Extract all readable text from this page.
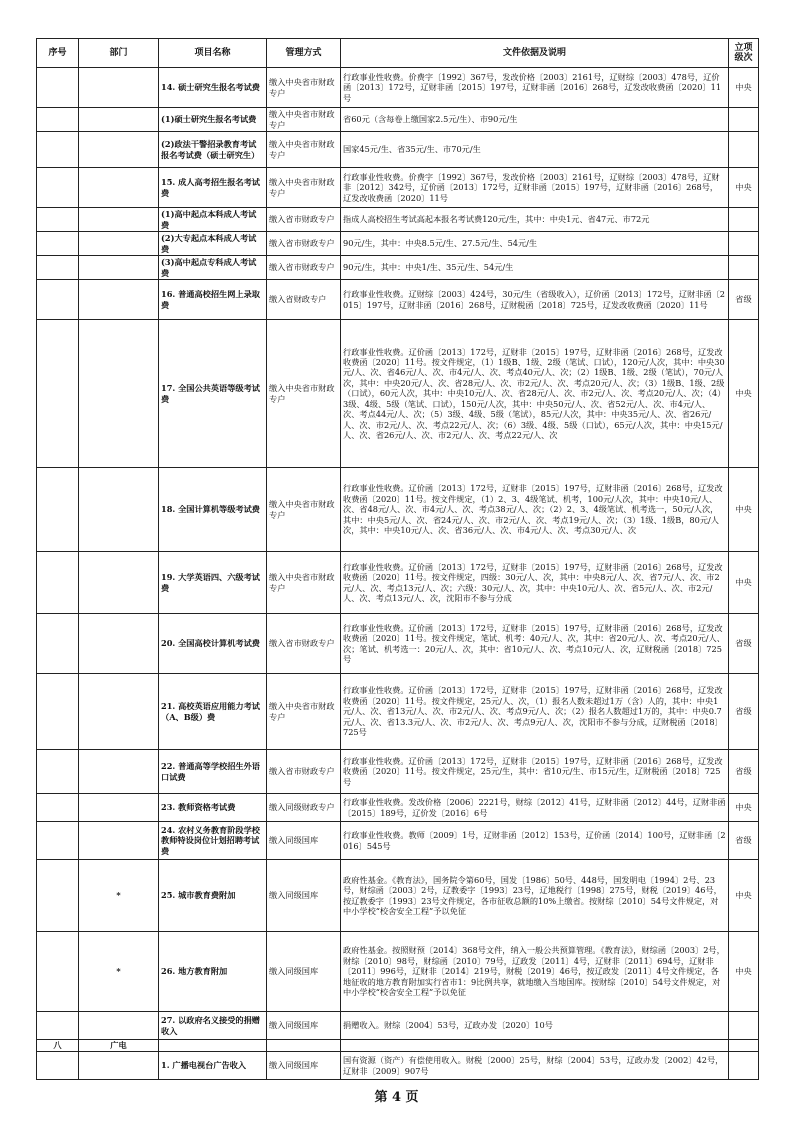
序号	部门	项目名称	管理方式	文件依据及说明	立项级次
		14. 硕士研究生报名考试费	缴入中央省市财政专户	行政事业性收费。价费字〔1992〕367号，发改价格〔2003〕2161号，辽财综〔2003〕478号，辽价函〔2013〕172号，辽财非函〔2015〕197号，辽财非函〔2016〕268号，辽发改收费函〔2020〕11号	中央
		(1)硕士研究生报名考试费	缴入中央省市财政专户	省60元（含每卷上缴国家2.5元/生）、市90元/生	
		(2)政法干警招录教育考试报名考试费（硕士研究生）	缴入中央省市财政专户	国家45元/生、省35元/生、市70元/生	
		15. 成人高考招生报名考试费	缴入中央省市财政专户	行政事业性收费。价费字〔1992〕367号，发改价格〔2003〕2161号，辽财综〔2003〕478号，辽财非〔2012〕342号，辽价函〔2013〕172号，辽财非函〔2015〕197号，辽财非函〔2016〕268号，辽发改收费函〔2020〕11号	中央
		(1)高中起点本科成人考试费	缴入省市财政专户	指成人高校招生考试高起本报名考试费120元/生，其中：中央1元、省47元、市72元	
		(2)大专起点本科成人考试费	缴入省市财政专户	90元/生，其中：中央8.5元/生、27.5元/生、54元/生	
		(3)高中起点专科成人考试费	缴入省市财政专户	90元/生，其中：中央1/生、35元/生、54元/生	
		16. 普通高校招生网上录取费	缴入省财政专户	行政事业性收费。辽财综〔2003〕424号，30元/生（省级收入），辽价函〔2013〕172号，辽财非函〔2015〕197号，辽财非函〔2016〕268号，辽财税函〔2018〕725号，辽发改收费函〔2020〕11号	省级
		17. 全国公共英语等级考试费	缴入中央省市财政专户	行政事业性收费。辽价函〔2013〕172号，辽财非〔2015〕197号，辽财非函〔2016〕268号，辽发改收费函〔2020〕11号。按文件规定，（1）1级B、1级、2级（笔试、口试），120元/人次，其中：中央30元/人、次、省46元/人、次、市4元/人、次、考点40元/人、次；（2）1级B、1级、2级（笔试），70元/人次，其中：中央20元/人、次、省28元/人、次、市2元/人、次、考点20元/人、次；（3）1级B、1级、2级（口试），60元人次，其中：中央10元/人、次、省28元/人、次、市2元/人、次、考点20元/人、次；（4）3级、4级、5级（笔试、口试），150元/人次，其中：中央50元/人、次、省52元/人、次、市4元/人、次、考点44元/人、次；（5）3级、4级、5级（笔试），85元/人次，其中：中央35元/人、次、省26元/人、次、市2元/人、次、考点22元/人、次；（6）3级、4级、5级（口试），65元/人次，其中：中央15元/人、次、省26元/人、次、市2元/人、次、考点22元/人、次	中央
		18. 全国计算机等级考试费	缴入中央省市财政专户	行政事业性收费。辽价函〔2013〕172号，辽财非〔2015〕197号，辽财非函〔2016〕268号，辽发改收费函〔2020〕11号。按文件规定，（1）2、3、4级笔试、机考，100元/人次，其中：中央10元/人、次、省48元/人、次、市4元/人、次、考点38元/人、次；（2）2、3、4级笔试、机考选一，50元/人次，其中：中央5元/人、次、省24元/人、次、市2元/人、次、考点19元/人、次；（3）1级、1级B，80元/人次，其中：中央10元/人、次、省36元/人、次、市4元/人、次、考点30元/人、次	中央
		19. 大学英语四、六级考试费	缴入中央省市财政专户	行政事业性收费。辽价函〔2013〕172号，辽财非〔2015〕197号，辽财非函〔2016〕268号，辽发改收费函〔2020〕11号。按文件规定，四级：30元/人、次，其中：中央8元/人、次、省7元/人、次、市2元/人、次、考点13元/人、次；六级：30元/人、次，其中：中央10元/人、次、省5元/人、次、市2元/人、次、考点13元/人、次，沈阳市不参与分成	中央
		20. 全国高校计算机考试费	缴入省市财政专户	行政事业性收费。辽价函〔2013〕172号，辽财非〔2015〕197号，辽财非函〔2016〕268号，辽发改收费函〔2020〕11号。按文件规定，笔试、机考：40元/人、次，其中：省20元/人、次、考点20元/人、次；笔试、机考选一：20元/人、次，其中：省10元/人、次、考点10元/人、次，辽财税函〔2018〕725号	省级
		21. 高校英语应用能力考试（A、B级）费	缴入中央省市财政专户	行政事业性收费。辽价函〔2013〕172号，辽财非〔2015〕197号，辽财非函〔2016〕268号，辽发改收费函〔2020〕11号。按文件规定，25元/人、次，（1）报名人数未超过1万（含）人的，其中：中央1元/人、次、省13元/人、次、市2元/人、次、考点9元/人、次；（2）报名人数超过1万的，其中：中央0.7元/人、次、省13.3元/人、次、市2元/人、次、考点9元/人、次，沈阳市不参与分成，辽财税函〔2018〕725号	省级
		22. 普通高等学校招生外语口试费	缴入省市财政专户	行政事业性收费。辽价函〔2013〕172号，辽财非〔2015〕197号，辽财非函〔2016〕268号，辽发改收费函〔2020〕11号。按文件规定，25元/生，其中：省10元/生、市15元/生，辽财税函〔2018〕725号	省级
		23. 教师资格考试费	缴入同级财政专户	行政事业性收费。发改价格〔2006〕2221号，财综〔2012〕41号，辽财非函〔2012〕44号，辽财非函〔2015〕189号，辽价发〔2016〕6号	中央
		24. 农村义务教育阶段学校教师特设岗位计划招聘考试费	缴入同级国库	行政事业性收费。教师〔2009〕1号，辽财非函〔2012〕153号，辽价函〔2014〕100号，辽财非函〔2016〕545号	省级
	*	25. 城市教育费附加	缴入同级国库	政府性基金。《教育法》，国务院令第60号，国发〔1986〕50号、448号，国发明电〔1994〕2号、23号，财综函〔2003〕2号，辽教委字〔1993〕23号，辽地税行〔1998〕275号，财税〔2019〕46号，按辽教委字〔1993〕23号文件规定，各市征收总额的10%上缴省。按财综〔2010〕54号文件规定，对中小学校“校舍安全工程”予以免征	中央
	*	26. 地方教育附加	缴入同级国库	政府性基金。按照财预〔2014〕368号文件，纳入一般公共预算管理。《教育法》，财综函〔2003〕2号，财综〔2010〕98号，财综函〔2010〕79号，辽政发〔2011〕4号，辽财非〔2011〕694号，辽财非〔2011〕996号，辽财非〔2014〕219号，财税〔2019〕46号，按辽政发〔2011〕4号文件规定，各地征收的地方教育附加实行省市1：9比例共享，就地缴入当地国库。按财综〔2010〕54号文件规定，对中小学校“校舍安全工程”予以免征	中央
		27. 以政府名义接受的捐赠收入	缴入同级国库	捐赠收入。财综〔2004〕53号，辽政办发〔2020〕10号	
八	广电				
		1. 广播电视台广告收入	缴入同级国库	国有资源（资产）有偿使用收入。财税〔2000〕25号，财综〔2004〕53号，辽政办发〔2002〕42号，辽财非〔2009〕907号	
第 4 页
